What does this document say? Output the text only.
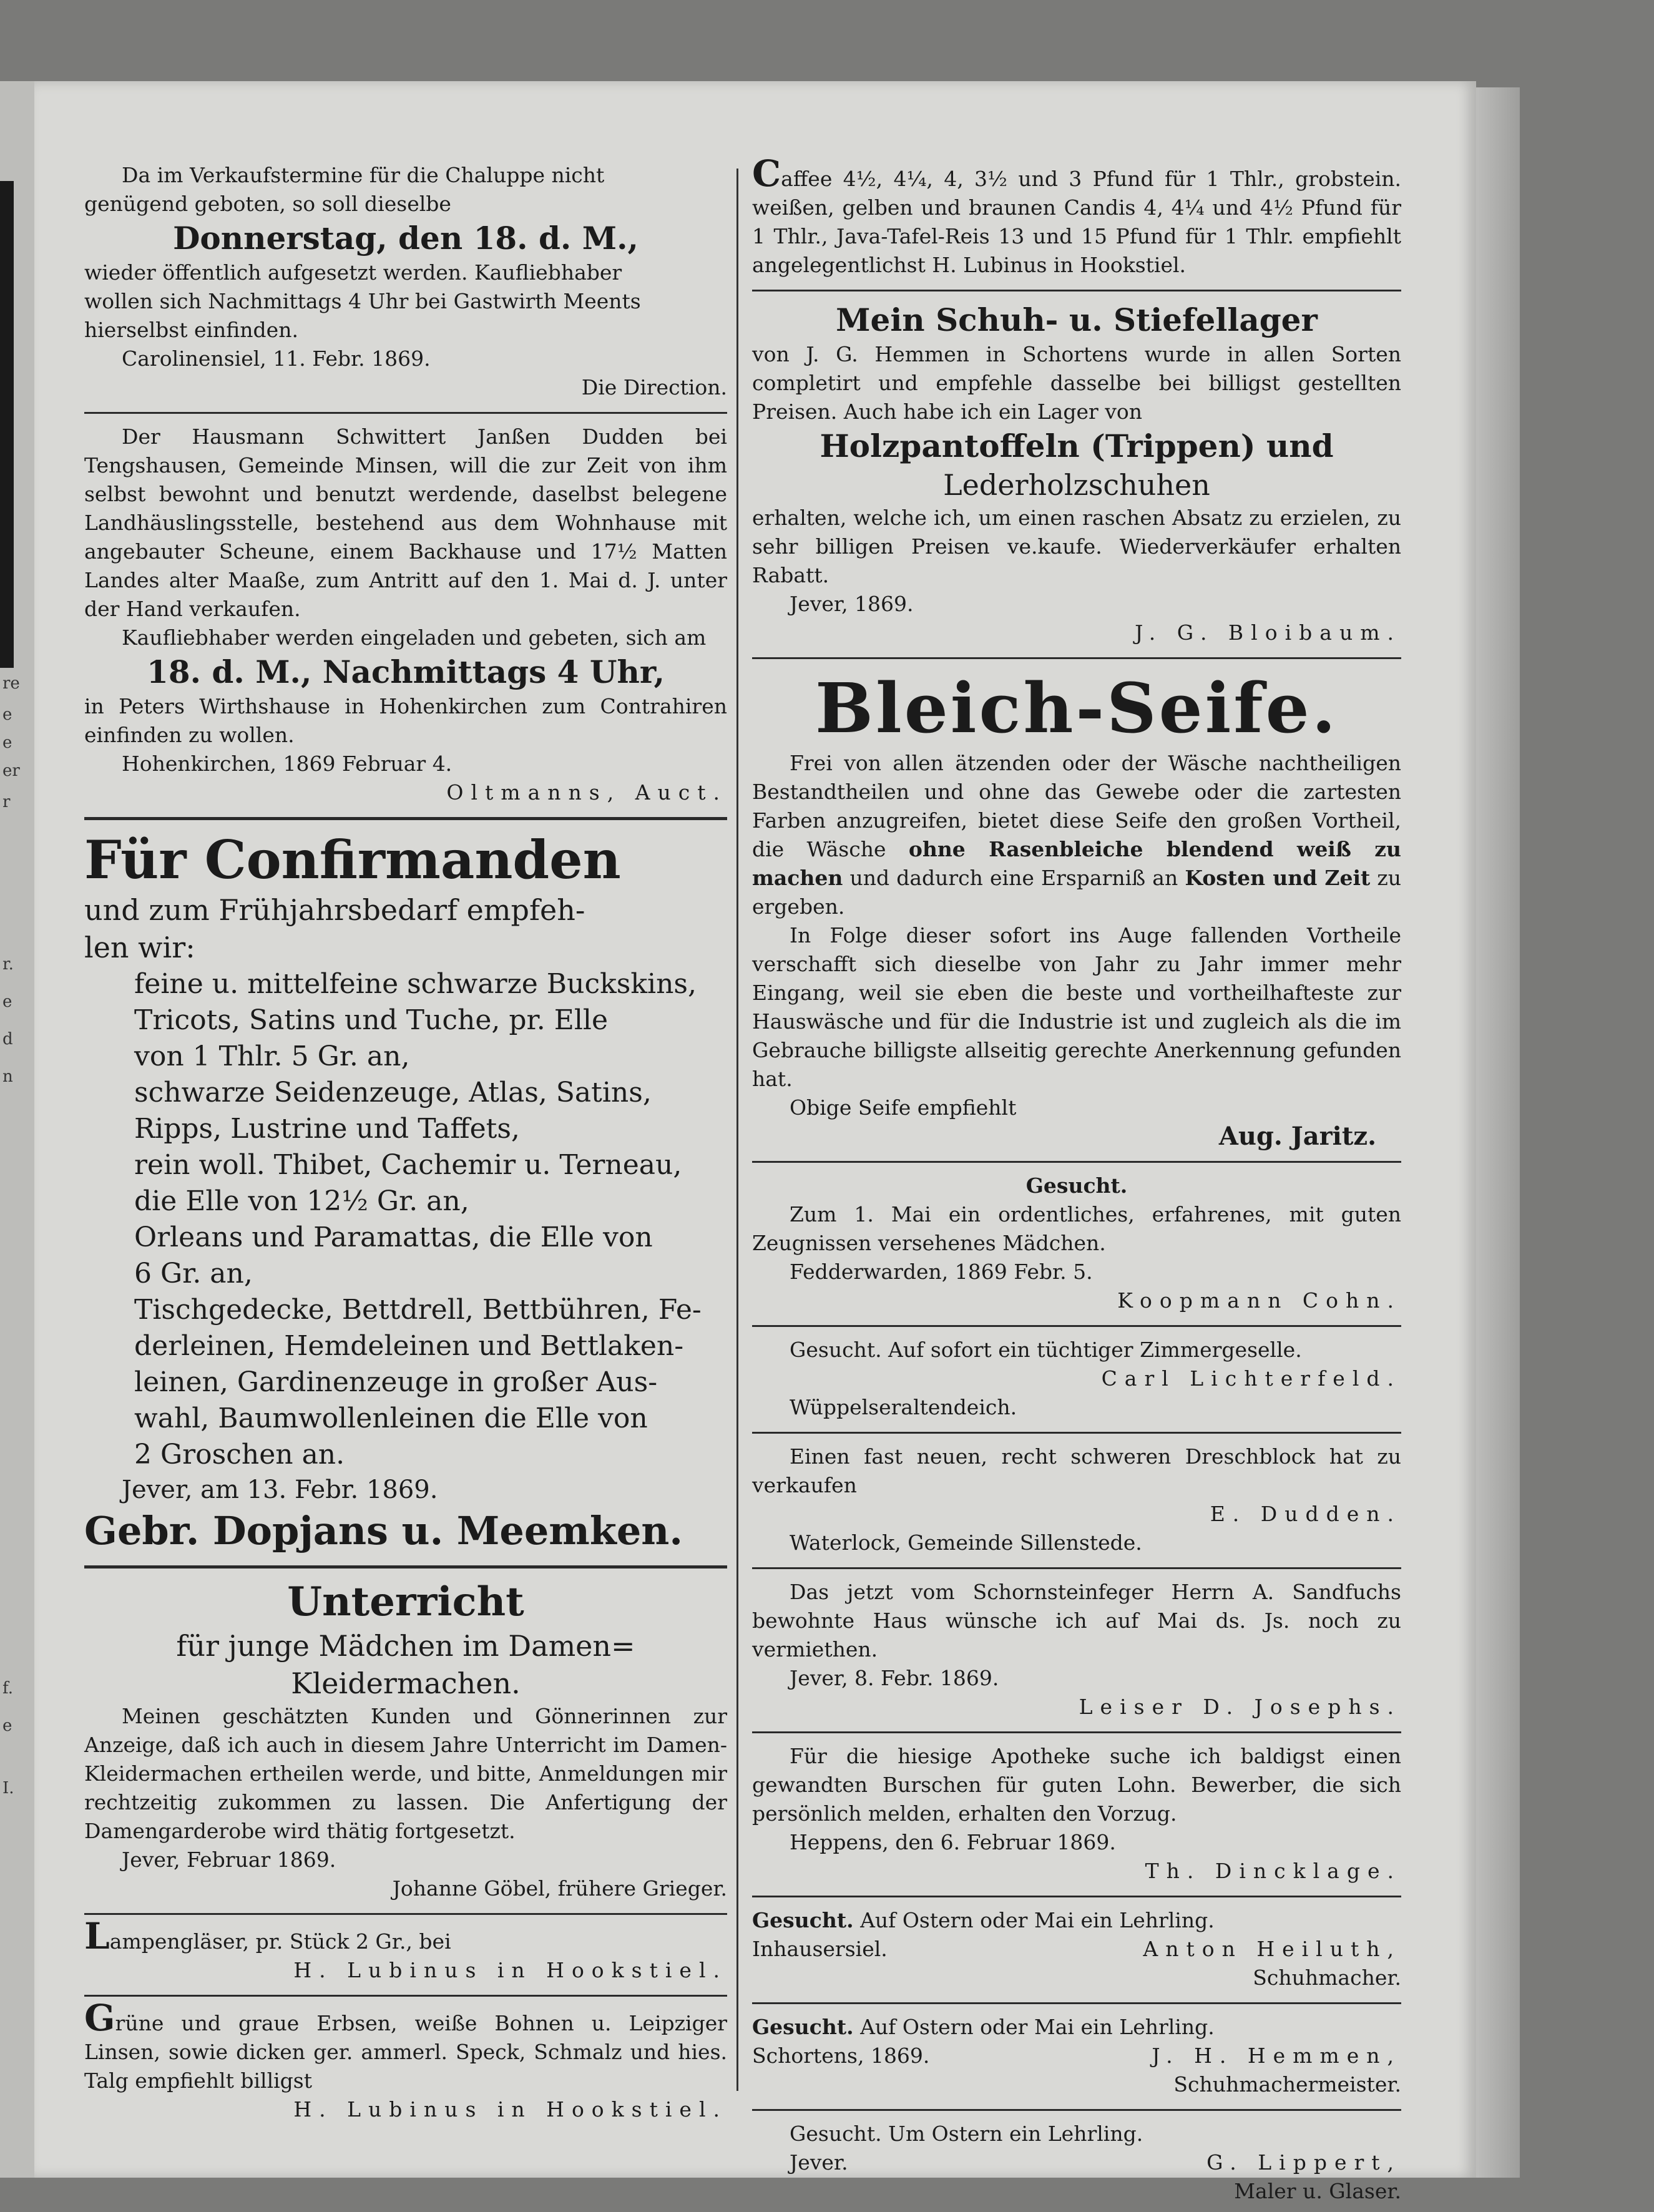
re
e
e
er
r
r.
e
d
n
f.
e
I.

Da im Verkaufstermine für die Chaluppe nicht

genügend geboten, so soll dieselbe

Donnerstag, den 18. d. M.,

wieder öffentlich aufgesetzt werden. Kaufliebhaber

wollen sich Nachmittags 4 Uhr bei Gastwirth Meents

hierselbst einfinden.

Carolinensiel, 11. Febr. 1869.

Die Direction.

Der Hausmann Schwittert Janßen Dudden bei Tengshausen, Gemeinde Minsen, will die zur Zeit von ihm selbst bewohnt und benutzt werdende, daselbst belegene Landhäuslingsstelle, bestehend aus dem Wohnhause mit angebauter Scheune, einem Backhause und 17½ Matten Landes alter Maaße, zum Antritt auf den 1. Mai d. J. unter der Hand verkaufen.

Kaufliebhaber werden eingeladen und gebeten, sich am

18. d. M., Nachmittags 4 Uhr,

in Peters Wirthshause in Hohenkirchen zum Contrahiren einfinden zu wollen.

Hohenkirchen, 1869 Februar 4.

Oltmanns, Auct.

Für Confirmanden

und zum Frühjahrsbedarf empfeh-

len wir:

feine u. mittelfeine schwarze Buckskins,

Tricots, Satins und Tuche, pr. Elle

von 1 Thlr. 5 Gr. an,

schwarze Seidenzeuge, Atlas, Satins,

Ripps, Lustrine und Taffets,

rein woll. Thibet, Cachemir u. Terneau,

die Elle von 12½ Gr. an,

Orleans und Paramattas, die Elle von

6 Gr. an,

Tischgedecke, Bettdrell, Bettbühren, Fe-

derleinen, Hemdeleinen und Bettlaken-

leinen, Gardinenzeuge in großer Aus-

wahl, Baumwollenleinen die Elle von

2 Groschen an.

Jever, am 13. Febr. 1869.

Gebr. Dopjans u. Meemken.

Unterricht

für junge Mädchen im Damen=

Kleidermachen.

Meinen geschätzten Kunden und Gönnerinnen zur Anzeige, daß ich auch in diesem Jahre Unterricht im Damen-Kleidermachen ertheilen werde, und bitte, Anmeldungen mir rechtzeitig zukommen zu lassen. Die Anfertigung der Damengarderobe wird thätig fortgesetzt.

Jever, Februar 1869.

Johanne Göbel, frühere Grieger.

Lampengläser, pr. Stück 2 Gr., bei

H. Lubinus in Hookstiel.

Grüne und graue Erbsen, weiße Bohnen u. Leipziger Linsen, sowie dicken ger. ammerl. Speck, Schmalz und hies. Talg empfiehlt billigst

H. Lubinus in Hookstiel.

Caffee 4½, 4¼, 4, 3½ und 3 Pfund für 1 Thlr., grobstein. weißen, gelben und braunen Candis 4, 4¼ und 4½ Pfund für 1 Thlr., Java-Tafel-Reis 13 und 15 Pfund für 1 Thlr. empfiehlt angelegentlichst H. Lubinus in Hookstiel.

Mein Schuh- u. Stiefellager

von J. G. Hemmen in Schortens wurde in allen Sorten completirt und empfehle dasselbe bei billigst gestellten Preisen. Auch habe ich ein Lager von

Holzpantoffeln (Trippen) und

Lederholzschuhen

erhalten, welche ich, um einen raschen Absatz zu erzielen, zu sehr billigen Preisen ve.kaufe. Wiederverkäufer erhalten Rabatt.

Jever, 1869.

J. G. Bloibaum.

Bleich-Seife.

Frei von allen ätzenden oder der Wäsche nachtheiligen Bestandtheilen und ohne das Gewebe oder die zartesten Farben anzugreifen, bietet diese Seife den großen Vortheil, die Wäsche ohne Rasenbleiche blendend weiß zu machen und dadurch eine Ersparniß an Kosten und Zeit zu ergeben.

In Folge dieser sofort ins Auge fallenden Vortheile verschafft sich dieselbe von Jahr zu Jahr immer mehr Eingang, weil sie eben die beste und vortheilhafteste zur Hauswäsche und für die Industrie ist und zugleich als die im Gebrauche billigste allseitig gerechte Anerkennung gefunden hat.

Obige Seife empfiehlt

Aug. Jaritz.

Gesucht.

Zum 1. Mai ein ordentliches, erfahrenes, mit guten Zeugnissen versehenes Mädchen.

Fedderwarden, 1869 Febr. 5.

Koopmann Cohn.

Gesucht. Auf sofort ein tüchtiger Zimmergeselle.

Carl Lichterfeld.

Wüppelseraltendeich.

Einen fast neuen, recht schweren Dreschblock hat zu verkaufen

E. Dudden.

Waterlock, Gemeinde Sillenstede.

Das jetzt vom Schornsteinfeger Herrn A. Sandfuchs bewohnte Haus wünsche ich auf Mai ds. Js. noch zu vermiethen.

Jever, 8. Febr. 1869.

Leiser D. Josephs.

Für die hiesige Apotheke suche ich baldigst einen gewandten Burschen für guten Lohn. Bewerber, die sich persönlich melden, erhalten den Vorzug.

Heppens, den 6. Februar 1869.

Th. Dincklage.

Gesucht. Auf Ostern oder Mai ein Lehrling.

Inhausersiel.	Anton Heiluth,

Schuhmacher.

Gesucht. Auf Ostern oder Mai ein Lehrling.

Schortens, 1869.	J. H. Hemmen,

Schuhmachermeister.

Gesucht. Um Ostern ein Lehrling.

Jever.	G. Lippert,

Maler u. Glaser.
